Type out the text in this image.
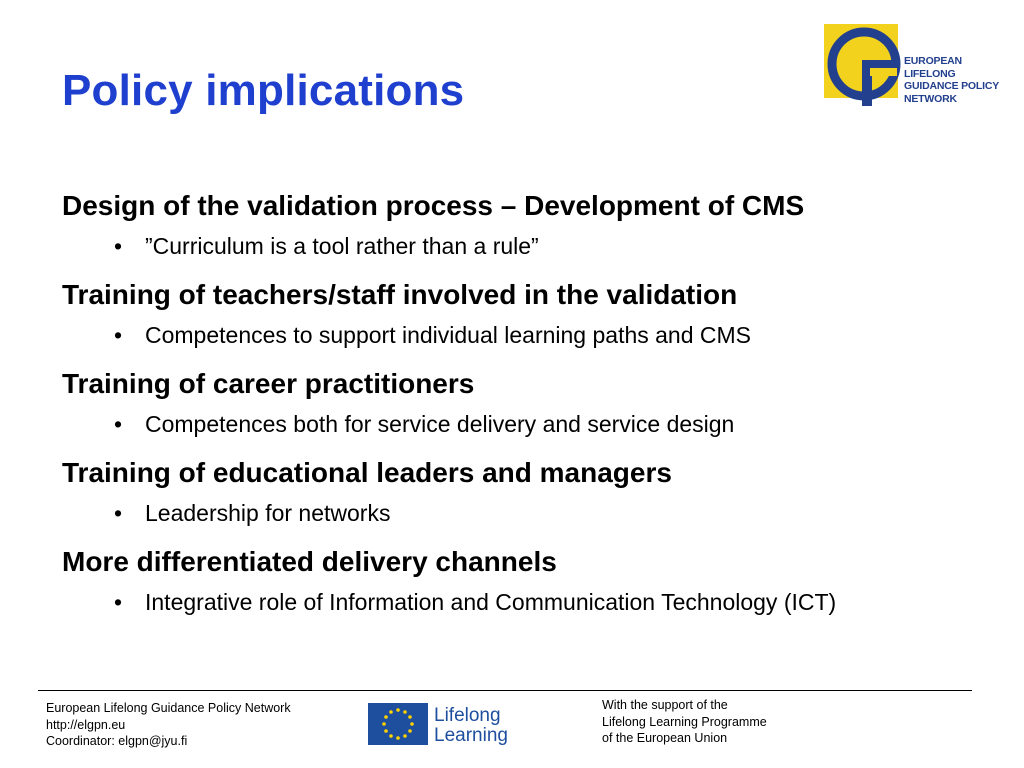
Policy implications
EUROPEAN LIFELONG
GUIDANCE POLICY
NETWORK

Design of the validation process – Development of CMS

• ”Curriculum is a tool rather than a rule”

Training of teachers/staff involved in the validation

• Competences to support individual learning paths and CMS

Training of career practitioners

• Competences both for service delivery and service design

Training of educational leaders and managers

• Leadership for networks

More differentiated delivery channels

• Integrative role of Information and Communication Technology (ICT)
European Lifelong Guidance Policy Network
http://elgpn.eu
Coordinator: elgpn@jyu.fi
Lifelong
Learning
With the support of the
Lifelong Learning Programme
of the European Union
